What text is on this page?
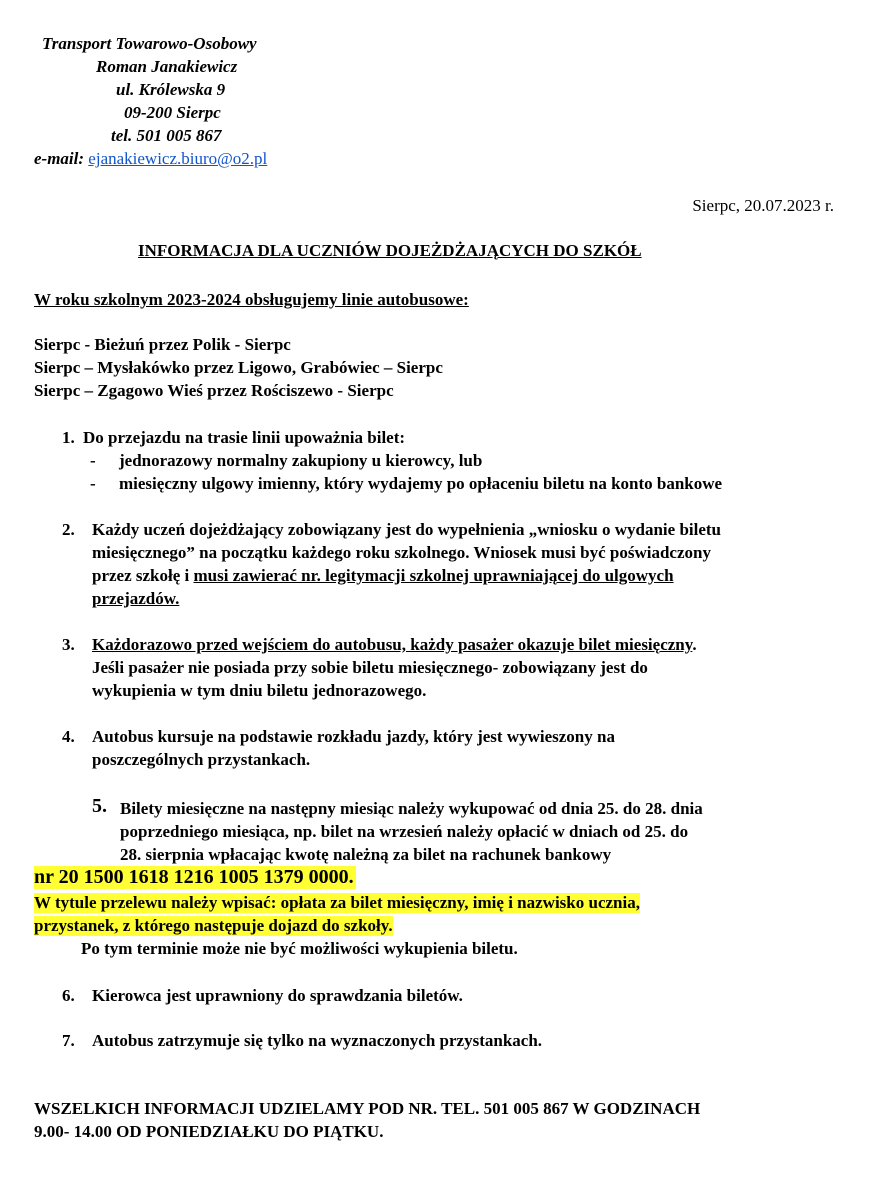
Transport Towarowo-Osobowy
Roman Janakiewicz
ul. Królewska 9
09-200 Sierpc
tel. 501 005 867
e-mail: ejanakiewicz.biuro@o2.pl
Sierpc, 20.07.2023 r.
INFORMACJA DLA UCZNIÓW DOJEŻDŻAJĄCYCH DO SZKÓŁ
W roku szkolnym 2023-2024 obsługujemy linie autobusowe:
Sierpc - Bieżuń przez Polik - Sierpc
Sierpc – Mysłakówko przez Ligowo, Grabówiec – Sierpc
Sierpc – Zgagowo Wieś przez Rościszewo - Sierpc
1. Do przejazdu na trasie linii upoważnia bilet:
- jednorazowy normalny zakupiony u kierowcy, lub
- miesięczny ulgowy imienny, który wydajemy po opłaceniu biletu na konto bankowe
2. Każdy uczeń dojeżdżający zobowiązany jest do wypełnienia „wniosku o wydanie biletu
miesięcznego” na początku każdego roku szkolnego. Wniosek musi być poświadczony
przez szkołę i musi zawierać nr. legitymacji szkolnej uprawniającej do ulgowych
przejazdów.
3. Każdorazowo przed wejściem do autobusu, każdy pasażer okazuje bilet miesięczny.
Jeśli pasażer nie posiada przy sobie biletu miesięcznego- zobowiązany jest do
wykupienia w tym dniu biletu jednorazowego.
4. Autobus kursuje na podstawie rozkładu jazdy, który jest wywieszony na
poszczególnych przystankach.
5. Bilety miesięczne na następny miesiąc należy wykupować od dnia 25. do 28. dnia
poprzedniego miesiąca, np. bilet na wrzesień należy opłacić w dniach od 25. do
28. sierpnia wpłacając kwotę należną za bilet na rachunek bankowy
nr 20 1500 1618 1216 1005 1379 0000.
W tytule przelewu należy wpisać: opłata za bilet miesięczny, imię i nazwisko ucznia,
przystanek, z którego następuje dojazd do szkoły.
Po tym terminie może nie być możliwości wykupienia biletu.
6. Kierowca jest uprawniony do sprawdzania biletów.
7. Autobus zatrzymuje się tylko na wyznaczonych przystankach.
WSZELKICH INFORMACJI UDZIELAMY POD NR. TEL. 501 005 867 W GODZINACH
9.00- 14.00 OD PONIEDZIAŁKU DO PIĄTKU.
